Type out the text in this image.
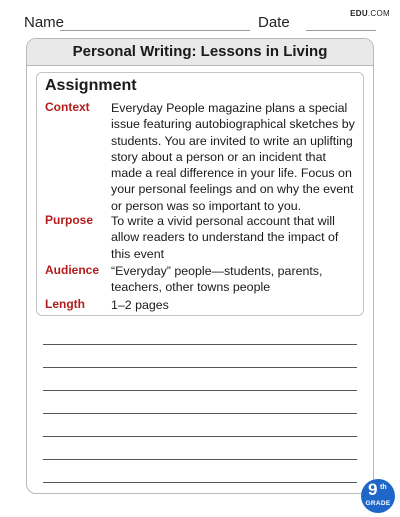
Name	Date
EDU.COM
Personal Writing: Lessons in Living
Assignment
Context	Everyday People magazine plans a special issue featuring autobiographical sketches by students. You are invited to write an uplifting story about a person or an incident that made a real difference in your life. Focus on your personal feelings and on why the event or person was so important to you.
Purpose	To write a vivid personal account that will allow readers to understand the impact of this event
Audience “Everyday” people—students, parents, teachers, other towns people
Length	1–2 pages
9 th
GRADE
